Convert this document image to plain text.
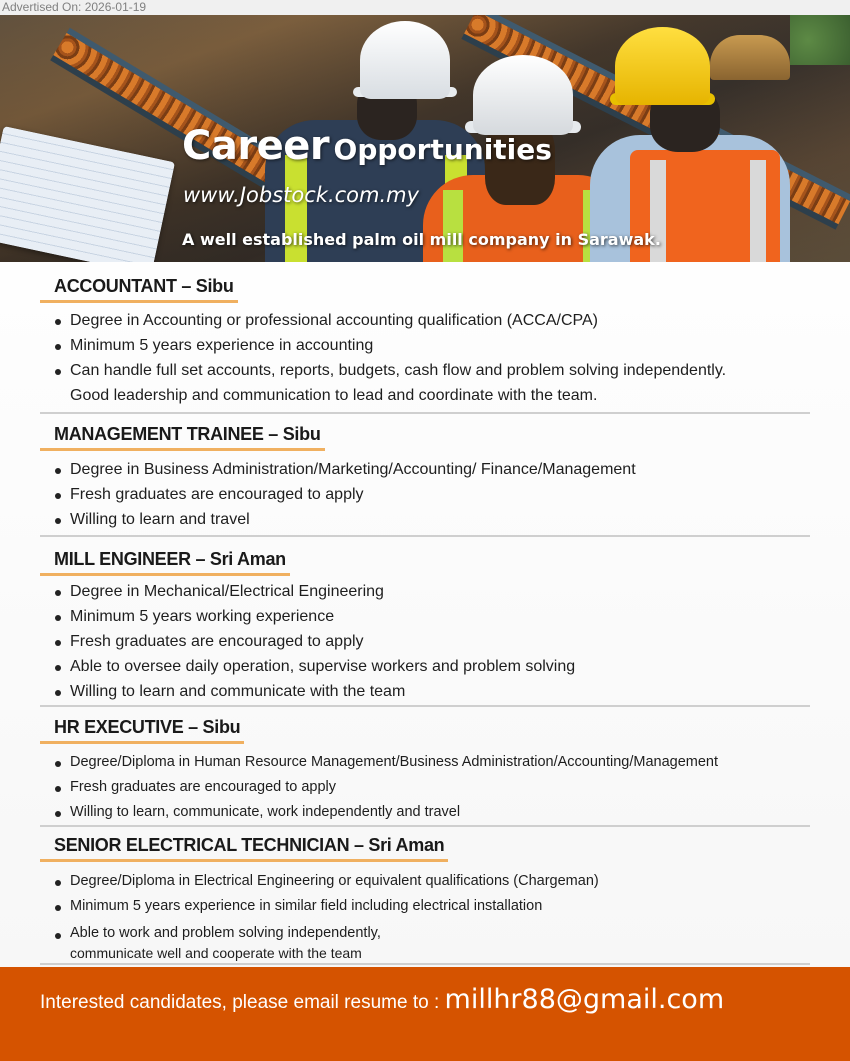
Advertised On: 2026-01-19
Career Opportunities
www.Jobstock.com.my
A well established palm oil mill company in Sarawak.
ACCOUNTANT – Sibu
Degree in Accounting or professional accounting qualification (ACCA/CPA)
Minimum 5 years experience in accounting
Can handle full set accounts, reports, budgets, cash flow and problem solving independently.
Good leadership and communication to lead and coordinate with the team.
MANAGEMENT TRAINEE – Sibu
Degree in Business Administration/Marketing/Accounting/ Finance/Management
Fresh graduates are encouraged to apply
Willing to learn and travel
MILL ENGINEER – Sri Aman
Degree in Mechanical/Electrical Engineering
Minimum 5 years working experience
Fresh graduates are encouraged to apply
Able to oversee daily operation, supervise workers and problem solving
Willing to learn and communicate with the team
HR EXECUTIVE – Sibu
Degree/Diploma in Human Resource Management/Business Administration/Accounting/Management
Fresh graduates are encouraged to apply
Willing to learn, communicate, work independently and travel
SENIOR ELECTRICAL TECHNICIAN – Sri Aman
Degree/Diploma in Electrical Engineering or equivalent qualifications (Chargeman)
Minimum 5 years experience in similar field including electrical installation
Able to work and problem solving independently,
communicate well and cooperate with the team
Interested candidates, please email resume to : millhr88@gmail.com
